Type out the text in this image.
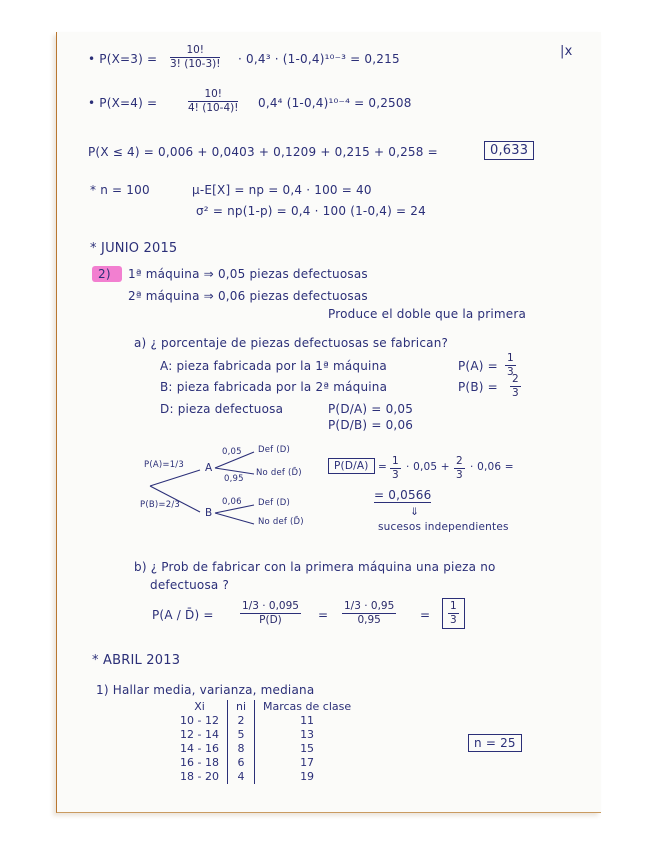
|x
• $P(X=3) = \frac{10!}{3! (10-3)!} \cdot 0,4^3 \cdot (1-0,4)^{10-3} = 0,215$
• P(X=4) =	$\frac{10!}{4! (10-4)!} 0,4^4$ (1-0,4)¹⁰⁻⁴ = 0,2508
P(X ≤ 4) = 0,006 + 0,0403 + 0,1209 + 0,215 + 0,258 =	0,633
* n = 100	μ-E[X] = np = 0,4 · 100 = 40
σ² = np(1-p) = 0,4 · 100 (1-0,4) = 24
* JUNIO 2015
2) 1ª máquina ⇒ 0,05 piezas defectuosas
2ª máquina ⇒ 0,06 piezas defectuosas
Produce el doble que la primera
a) ¿ porcentaje de piezas defectuosas se fabrican?
A: pieza fabricada por la 1ª máquina	$P(A) = \frac{1}{3}$
B: pieza fabricada por la 2ª máquina	$P(B) = \frac{2}{3}$
D: pieza defectuosa	P(D/A) = 0,05
P(D/B) = 0,06
P(A)=1/3
P(B)=2/3
A
B
0,05 Def (D)
0,95
No def (D̄)
0,06 Def (D)
No def (D̄)
$P(D/A) = \frac{1}{3} \cdot 0,05 + \frac{2}{3} \cdot 0,06$ =
= 0,0566
⇓
sucesos independientes
b) ¿ Prob de fabricar con la primera máquina una pieza no
defectuosa ?
P(A / D̄) =	$\frac{1/3 \cdot 0,095}{P(D̄)} = \frac{1/3 \cdot 0,95}{0,95} = \frac{1}{3}$
* ABRIL 2013
1) Hallar media, varianza, mediana
Xi	ni	Marcas de clase
10 - 12	2	11
12 - 14	5	13
14 - 16	8	15
16 - 18	6	17
18 - 20	4	19
n = 25
